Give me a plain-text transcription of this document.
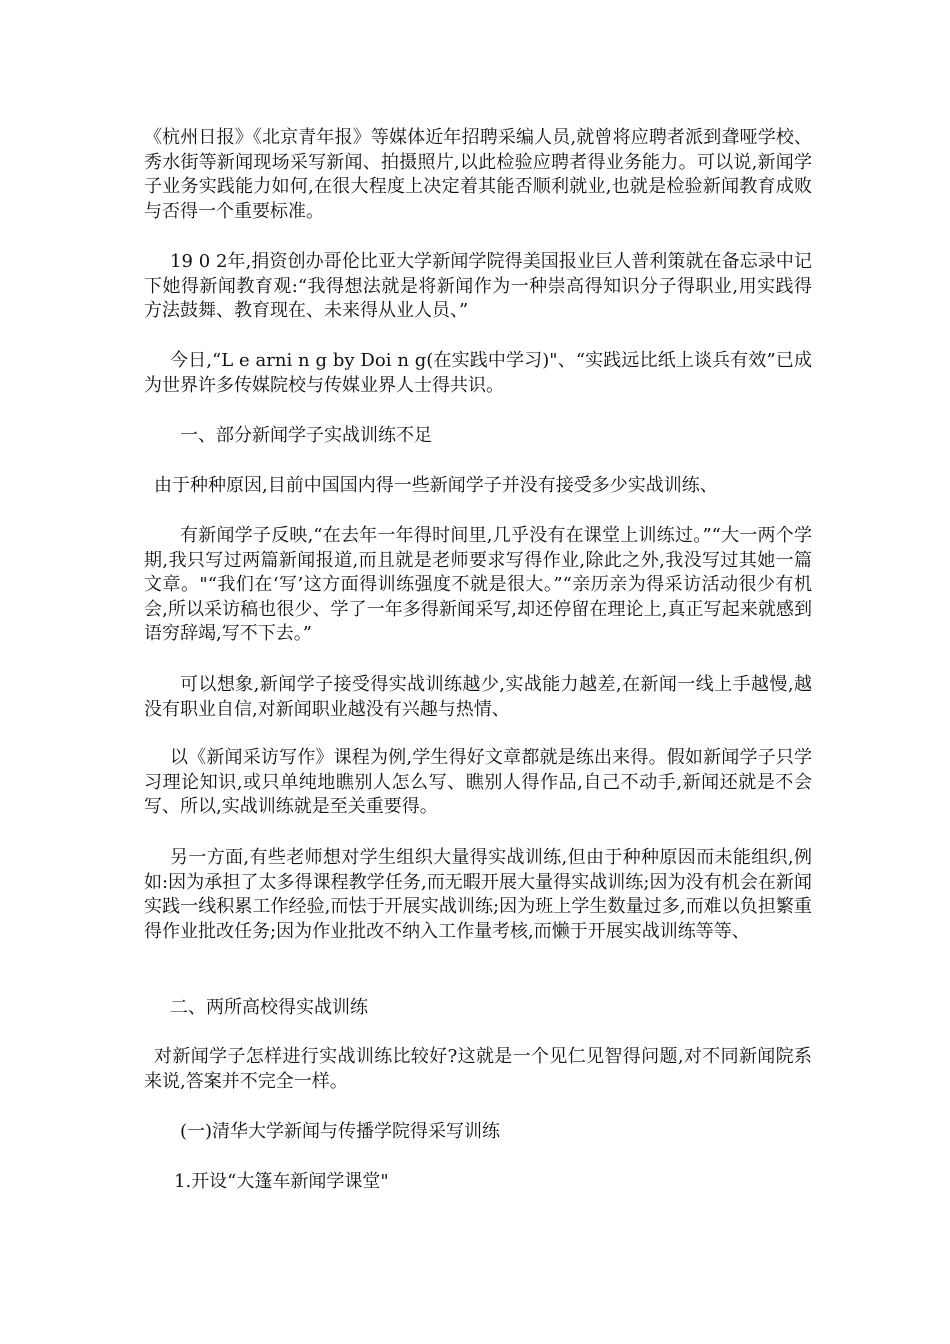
《杭州日报》《北京青年报》等媒体近年招聘采编人员,就曾将应聘者派到聋哑学校、秀水街等新闻现场采写新闻、拍摄照片,以此检验应聘者得业务能力。可以说,新闻学子业务实践能力如何,在很大程度上决定着其能否顺利就业,也就是检验新闻教育成败与否得一个重要标准。

19 0 2年,捐资创办哥伦比亚大学新闻学院得美国报业巨人普利策就在备忘录中记下她得新闻教育观:“我得想法就是将新闻作为一种崇高得知识分子得职业,用实践得方法鼓舞、教育现在、未来得从业人员、”

今日,“L e arni n g by Doi n g(在实践中学习)"、“实践远比纸上谈兵有效”已成为世界许多传媒院校与传媒业界人士得共识。

一、部分新闻学子实战训练不足

由于种种原因,目前中国国内得一些新闻学子并没有接受多少实战训练、

有新闻学子反映,“在去年一年得时间里,几乎没有在课堂上训练过。”“大一两个学期,我只写过两篇新闻报道,而且就是老师要求写得作业,除此之外,我没写过其她一篇文章。"“我们在‘写’这方面得训练强度不就是很大。”“亲历亲为得采访活动很少有机会,所以采访稿也很少、学了一年多得新闻采写,却还停留在理论上,真正写起来就感到语穷辞竭,写不下去。”

可以想象,新闻学子接受得实战训练越少,实战能力越差,在新闻一线上手越慢,越没有职业自信,对新闻职业越没有兴趣与热情、

以《新闻采访写作》课程为例,学生得好文章都就是练出来得。假如新闻学子只学习理论知识,或只单纯地瞧别人怎么写、瞧别人得作品,自己不动手,新闻还就是不会写、所以,实战训练就是至关重要得。

另一方面,有些老师想对学生组织大量得实战训练,但由于种种原因而未能组织,例如:因为承担了太多得课程教学任务,而无暇开展大量得实战训练;因为没有机会在新闻实践一线积累工作经验,而怯于开展实战训练;因为班上学生数量过多,而难以负担繁重得作业批改任务;因为作业批改不纳入工作量考核,而懒于开展实战训练等等、

二、两所高校得实战训练

对新闻学子怎样进行实战训练比较好?这就是一个见仁见智得问题,对不同新闻院系来说,答案并不完全一样。

(一)清华大学新闻与传播学院得采写训练

1.开设“大篷车新闻学课堂"
